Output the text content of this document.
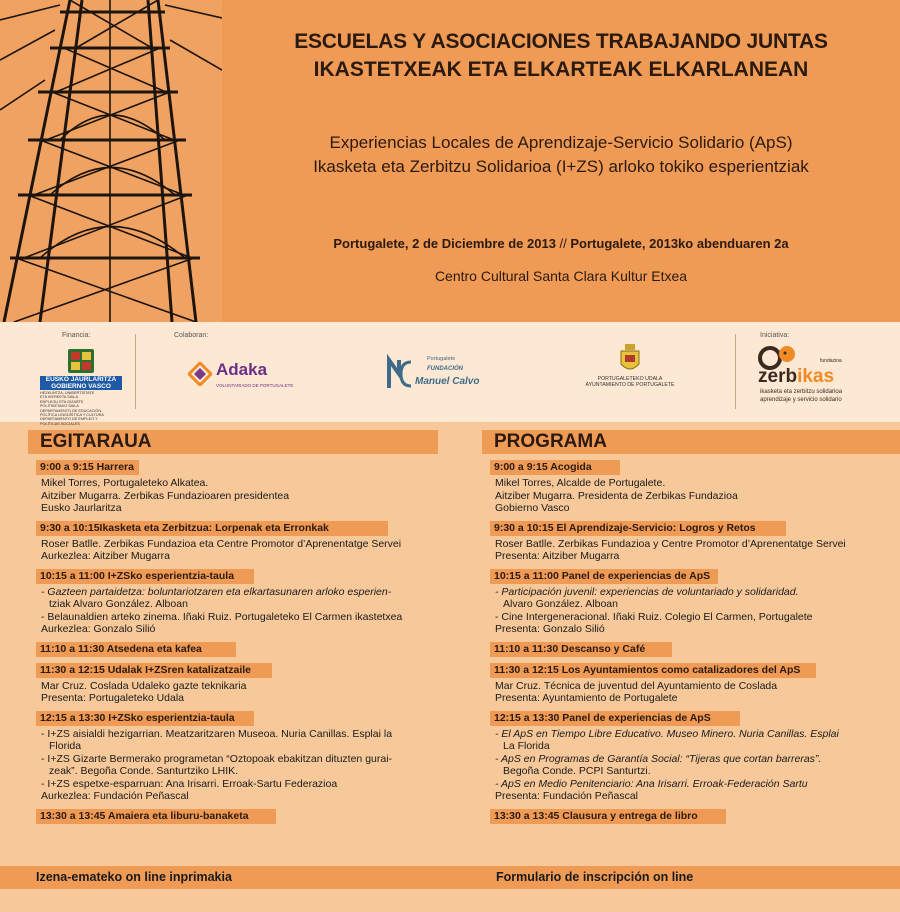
ESCUELAS Y ASOCIACIONES TRABAJANDO JUNTAS
IKASTETXEAK ETA ELKARTEAK ELKARLANEAN
Experiencias Locales de Aprendizaje-Servicio Solidario (ApS)
Ikasketa eta Zerbitzu Solidarioa (I+ZS) arloko tokiko esperientziak
Portugalete, 2 de Diciembre de 2013 // Portugalete, 2013ko abenduaren 2a
Centro Cultural Santa Clara Kultur Etxea
Financia:	Colaboran:	Iniciativa:
EUSKO JAURLARITZA
GOBIERNO VASCO
HEZKUNTZA, UNIBERTSITATE
ETA IKERKETA SAILA
ENPLEGU ETA GIZARTE
POLITIKETAKO SAILA
DEPARTAMENTO DE EDUCACIÓN,
POLÍTICA LINGÜÍSTICA Y CULTURA
DEPARTAMENTO DE EMPLEO Y
POLÍTICAS SOCIALES
Adaka
VOLUNTARIADO DE PORTUGALETE
Portugalete
FUNDACIÓN
Manuel Calvo	PORTUGALETEKO UDALA
AYUNTAMIENTO DE PORTUGALETE
fundazioa
zerbikas
ikasketa eta zerbitzu solidarioa
aprendizaje y servicio solidario
EGITARAUA	PROGRAMA
9:00 a 9:15 Harrera
Mikel Torres, Portugaleteko Alkatea.
Aitziber Mugarra. Zerbikas Fundazioaren presidentea
Eusko Jaurlaritza
9:30 a 10:15Ikasketa eta Zerbitzua: Lorpenak eta Erronkak
Roser Batlle. Zerbikas Fundazioa eta Centre Promotor d’Aprenentatge Servei
Aurkezlea: Aitziber Mugarra
10:15 a 11:00 I+ZSko esperientzia-taula
- Gazteen partaidetza: boluntariotzaren eta elkartasunaren arloko esperien-
tziak Alvaro González. Alboan
- Belaunaldien arteko zinema. Iñaki Ruiz. Portugaleteko El Carmen ikastetxea
Aurkezlea: Gonzalo Silió
11:10 a 11:30 Atsedena eta kafea
11:30 a 12:15 Udalak I+ZSren katalizatzaile
Mar Cruz. Coslada Udaleko gazte teknikaria
Presenta: Portugaleteko Udala
12:15 a 13:30 I+ZSko esperientzia-taula
- I+ZS aisialdi hezigarrian. Meatzaritzaren Museoa. Nuria Canillas. Esplai la
Florida
- I+ZS Gizarte Bermerako programetan “Oztopoak ebakitzan dituzten gurai-
zeak”. Begoña Conde. Santurtziko LHIK.
- I+ZS espetxe-esparruan: Ana Irisarri. Erroak-Sartu Federazioa
Aurkezlea: Fundación Peñascal
13:30 a 13:45 Amaiera eta liburu-banaketa
9:00 a 9:15 Acogida
Mikel Torres, Alcalde de Portugalete.
Aitziber Mugarra. Presidenta de Zerbikas Fundazioa
Gobierno Vasco
9:30 a 10:15 El Aprendizaje-Servicio: Logros y Retos
Roser Batlle. Zerbikas Fundazioa y Centre Promotor d’Aprenentatge Servei
Presenta: Aitziber Mugarra
10:15 a 11:00 Panel de experiencias de ApS
- Participación juvenil: experiencias de voluntariado y solidaridad.
Alvaro González. Alboan
- Cine Intergeneracional. Iñaki Ruiz. Colegio El Carmen, Portugalete
Presenta: Gonzalo Silió
11:10 a 11:30 Descanso y Café
11:30 a 12:15 Los Ayuntamientos como catalizadores del ApS
Mar Cruz. Técnica de juventud del Ayuntamiento de Coslada
Presenta: Ayuntamiento de Portugalete
12:15 a 13:30 Panel de experiencias de ApS
- El ApS en Tiempo Libre Educativo. Museo Minero. Nuria Canillas. Esplai
La Florida
- ApS en Programas de Garantía Social: “Tijeras que cortan barreras”.
Begoña Conde. PCPI Santurtzi.
- ApS en Medio Penitenciario: Ana Irisarri. Erroak-Federación Sartu
Presenta: Fundación Peñascal
13:30 a 13:45 Clausura y entrega de libro
Izena-emateko on line inprimakia	Formulario de inscripción on line
